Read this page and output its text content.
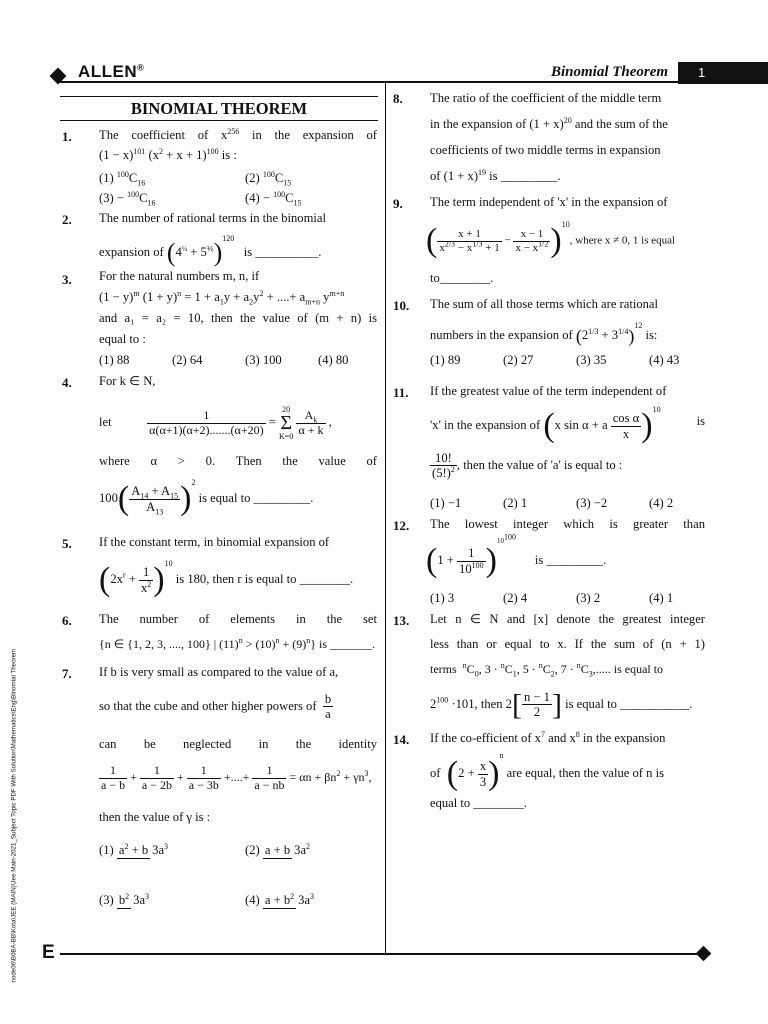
ALLEN®	Binomial Theorem 1
node06\B0BA-BB\Kota\JEE (MAIN)\Jee Main-2021_Subject Topic PDF With Solution\Mathematics\Eng\Binomial Theorem E
BINOMIAL THEOREM
1. The coefficient of $x^{256}$ in the expansion of
$(1 - x)^{101}$ $(x^2 + x + 1)^{100}$ is :
(1) $^{100}C_{16}$	(2) $^{100}C_{15}$
$(3) - ^{100}C_{16}$	$(4) - ^{100}C_{15}$
2. The number of rational terms in the binomial
expansion of $(4^{\frac{1}{4}} + 5^{\frac{1}{6}})^{120}$   is __________.
3. For the natural numbers m, n, if
$(1 - y)^m$ $(1 + y)^n = 1 + a_1y + a_2y^2$ + ....+ $a_{m+n}$ $y^{m+n}$
and a₁ = a₂ = 10, then the value of (m + n) is
equal to :
(1) 88	(2) 64	(3) 100	(4) 80
4. For k ∈ N,
let	$\frac{1}{\alpha(\alpha+1)(\alpha+2).......(\alpha+20)} = 20$
Σ
$K=0 \frac{A_k}{\alpha + k}$ ,
where α > 0. Then the value of
$100( \frac{A_{14} + A_{15}}{A_{13}} )^2$ is equal to _________.
5. If the constant term, in binomial expansion of
$(2x^r + \frac{1}{x^2} )^{10}$ is 180, then r is equal to ________.
6. The number of elements in the set
{n ∈ {1, 2, 3, ...., 100} | $(11)^n > (10)^n + (9)^n$} is _______.
7. If b is very small as compared to the value of a,
so that the cube and other higher powers of $\frac{b}{a}$
can be neglected in the identity
$\frac{1}{a - b} + \frac{1}{a - 2b} + \frac{1}{a - 3b}$ +....+ $\frac{1}{a - nb} = \alpha n + \beta n^2 + \gamma n^3$,
then the value of γ is :
(1) $a^2 + b$ $3a^3$	(2) a + b $3a^2$
(3) $b^2$ $3a^3$	(4) $a + b^2$ $3a^3$
8. The ratio of the coefficient of the middle term
in the expansion of $(1 + x)^{20}$ and the sum of the
coefficients of two middle terms in expansion
of $(1 + x)^{19}$ is _________.
9. The term independent of 'x' in the expansion of
( $\frac{x + 1}{x^{2/3} - x^{1/3} + 1} - \frac{x - 1}{x - x^{1/2}} )^{10}$, where x ≠ 0, 1 is equal
to________.
10. The sum of all those terms which are rational
numbers in the expansion of $(2^{1/3} + 3^{1/4})^{12}$ is:
(1) 89	(2) 27	(3) 35	(4) 43
11. If the greatest value of the term independent of
'x' in the expansion of (x sin α + a $\frac{\text{cos α}}{x} )^{10}$
is
$\frac{10!}{(5!)^2}$ , then the value of 'a' is equal to :
(1) −1	(2) 1	(3) −2	(4) 2
12. The lowest integer which is greater than
$(1 + \frac{1}{10^{100}} )^{10^{100}}$      is _________.
(1) 3	(2) 4	(3) 2	(4) 1
13. Let n ∈ N and [x] denote the greatest integer
less than or equal to x. If the sum of (n + 1)
terms  $^nC_0$, $3 \cdot ^nC_1$, $5 \cdot ^nC_2$, $7 \cdot ^nC_3$,..... is equal to
$2^{100} \cdot 101$, then $2[ \frac{n - 1}{2}$ ] is equal to ___________.
14. If the co-efficient of $x^7$ and $x^8$ in the expansion
of  $(2 + \frac{x}{3} )^n$ are equal, then the value of n is
equal to ________.
